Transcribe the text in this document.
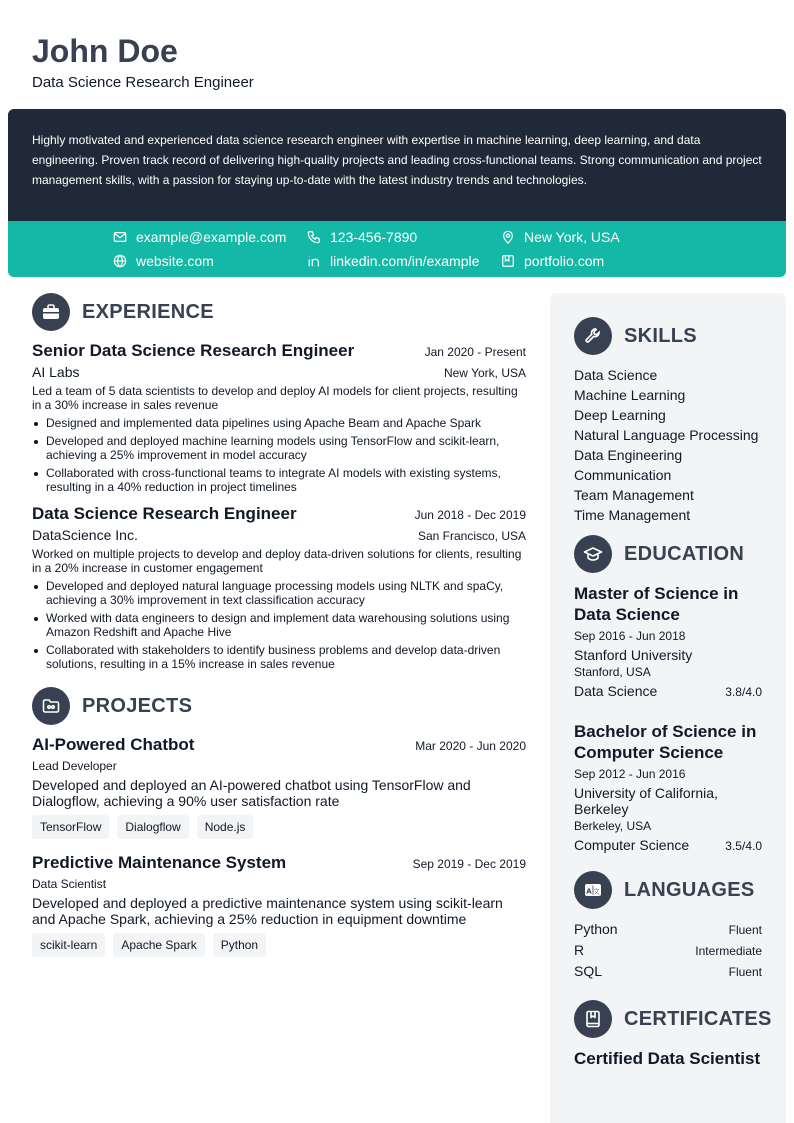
John Doe
Data Science Research Engineer
Highly motivated and experienced data science research engineer with expertise in machine learning, deep learning, and data engineering. Proven track record of delivering high-quality projects and leading cross-functional teams. Strong communication and project management skills, with a passion for staying up-to-date with the latest industry trends and technologies.
example@example.com	123-456-7890	New York, USA
website.com	linkedin.com/in/example	portfolio.com
EXPERIENCE
Senior Data Science Research Engineer	Jan 2020 - Present
AI Labs	New York, USA
Led a team of 5 data scientists to develop and deploy AI models for client projects, resulting in a 30% increase in sales revenue
Designed and implemented data pipelines using Apache Beam and Apache Spark
Developed and deployed machine learning models using TensorFlow and scikit-learn, achieving a 25% improvement in model accuracy
Collaborated with cross-functional teams to integrate AI models with existing systems, resulting in a 40% reduction in project timelines
Data Science Research Engineer	Jun 2018 - Dec 2019
DataScience Inc.	San Francisco, USA
Worked on multiple projects to develop and deploy data-driven solutions for clients, resulting in a 20% increase in customer engagement
Developed and deployed natural language processing models using NLTK and spaCy, achieving a 30% improvement in text classification accuracy
Worked with data engineers to design and implement data warehousing solutions using Amazon Redshift and Apache Hive
Collaborated with stakeholders to identify business problems and develop data-driven solutions, resulting in a 15% increase in sales revenue
PROJECTS
AI-Powered Chatbot	Mar 2020 - Jun 2020
Lead Developer
Developed and deployed an AI-powered chatbot using TensorFlow and Dialogflow, achieving a 90% user satisfaction rate
TensorFlow	Dialogflow	Node.js
Predictive Maintenance System	Sep 2019 - Dec 2019
Data Scientist
Developed and deployed a predictive maintenance system using scikit-learn and Apache Spark, achieving a 25% reduction in equipment downtime
scikit-learn	Apache Spark	Python
SKILLS
Data Science
Machine Learning
Deep Learning
Natural Language Processing
Data Engineering
Communication
Team Management
Time Management
EDUCATION
Master of Science in Data Science
Sep 2016 - Jun 2018
Stanford University
Stanford, USA
Data Science	3.8/4.0
Bachelor of Science in Computer Science
Sep 2012 - Jun 2016
University of California, Berkeley
Berkeley, USA
Computer Science	3.5/4.0
A 文 LANGUAGES
Python	Fluent
R	Intermediate
SQL	Fluent
CERTIFICATES
Certified Data Scientist
